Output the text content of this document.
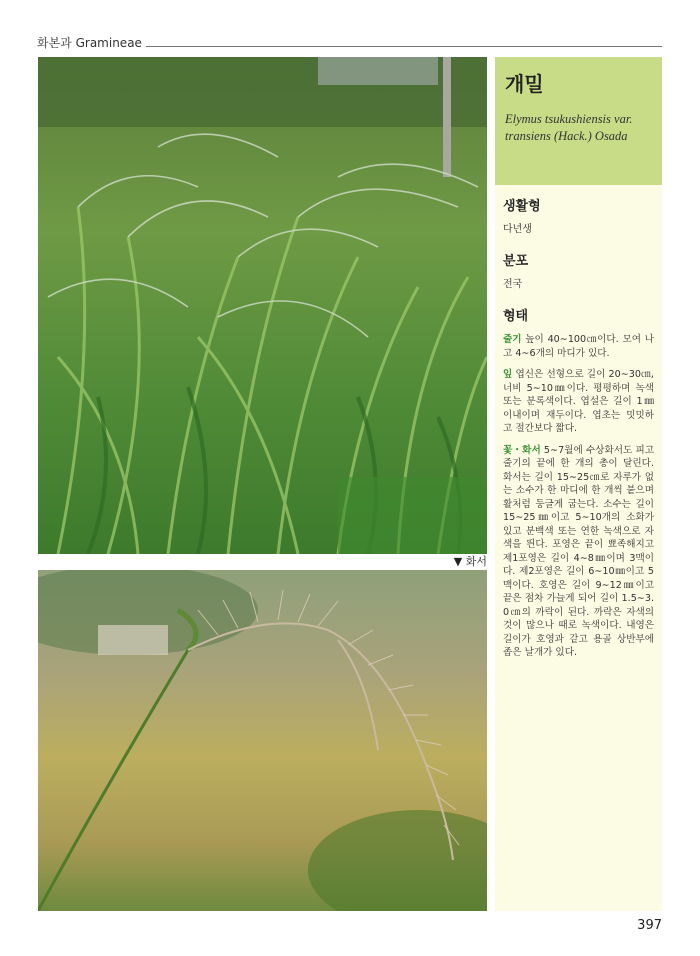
화본과 Gramineae
▼ 화서
개밀
Elymus tsukushiensis var. transiens (Hack.) Osada
생활형

다년생

분포

전국

형태

줄기 높이 40∼100㎝이다. 모여 나고 4∼6개의 마디가 있다.

잎 엽신은 선형으로 길이 20∼30㎝, 너비 5∼10㎜이다. 평평하며 녹색 또는 분록색이다. 엽설은 길이 1㎜이내이며 재두이다. 엽초는 밋밋하고 절간보다 짧다.

꽃・화서 5∼7월에 수상화서도 피고 줄기의 끝에 한 개의 총이 달린다. 화서는 길이 15∼25㎝로 자루가 없는 소수가 한 마디에 한 개씩 붙으며 활처럼 둥글게 굽는다. 소수는 길이 15∼25㎜이고 5∼10개의 소화가 있고 분백색 또는 연한 녹색으로 자색을 띈다. 포영은 끝이 뾰족해지고 제1포영은 길이 4∼8㎜이며 3맥이다. 제2포영은 길이 6∼10㎜이고 5맥이다. 호영은 길이 9∼12㎜이고 끝은 점차 가늘게 되어 길이 1.5∼3.0㎝의 까락이 된다. 까락은 자색의 것이 많으나 때로 녹색이다. 내영은 길이가 호영과 같고 용골 상반부에 좁은 날개가 있다.

397
